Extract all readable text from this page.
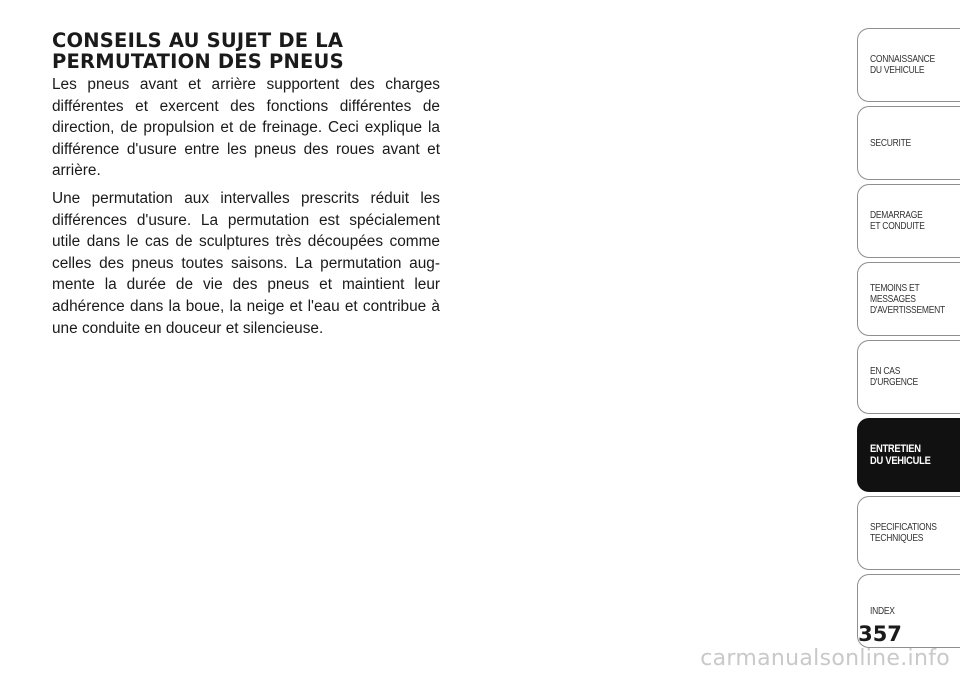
CONSEILS AU SUJET DE LA PERMUTATION DES PNEUS

Les pneus avant et arrière supportent des charges différentes et exercent des fonctions différentes de direction, de propulsion et de freinage. Ceci explique la différence d'usure entre les pneus des roues avant et arrière.

Une permutation aux intervalles prescrits réduit les différences d'usure. La permutation est spécialement utile dans le cas de sculptures très découpées comme celles des pneus toutes saisons. La permutation aug-mente la durée de vie des pneus et maintient leur adhérence dans la boue, la neige et l'eau et contribue à une conduite en douceur et silencieuse.

CONNAISSANCE
DU VEHICULE
SECURITE
DEMARRAGE
ET CONDUITE
TEMOINS ET
MESSAGES
D'AVERTISSEMENT
EN CAS
D'URGENCE
ENTRETIEN
DU VEHICULE
SPECIFICATIONS
TECHNIQUES
INDEX
357
carmanualsonline.info
